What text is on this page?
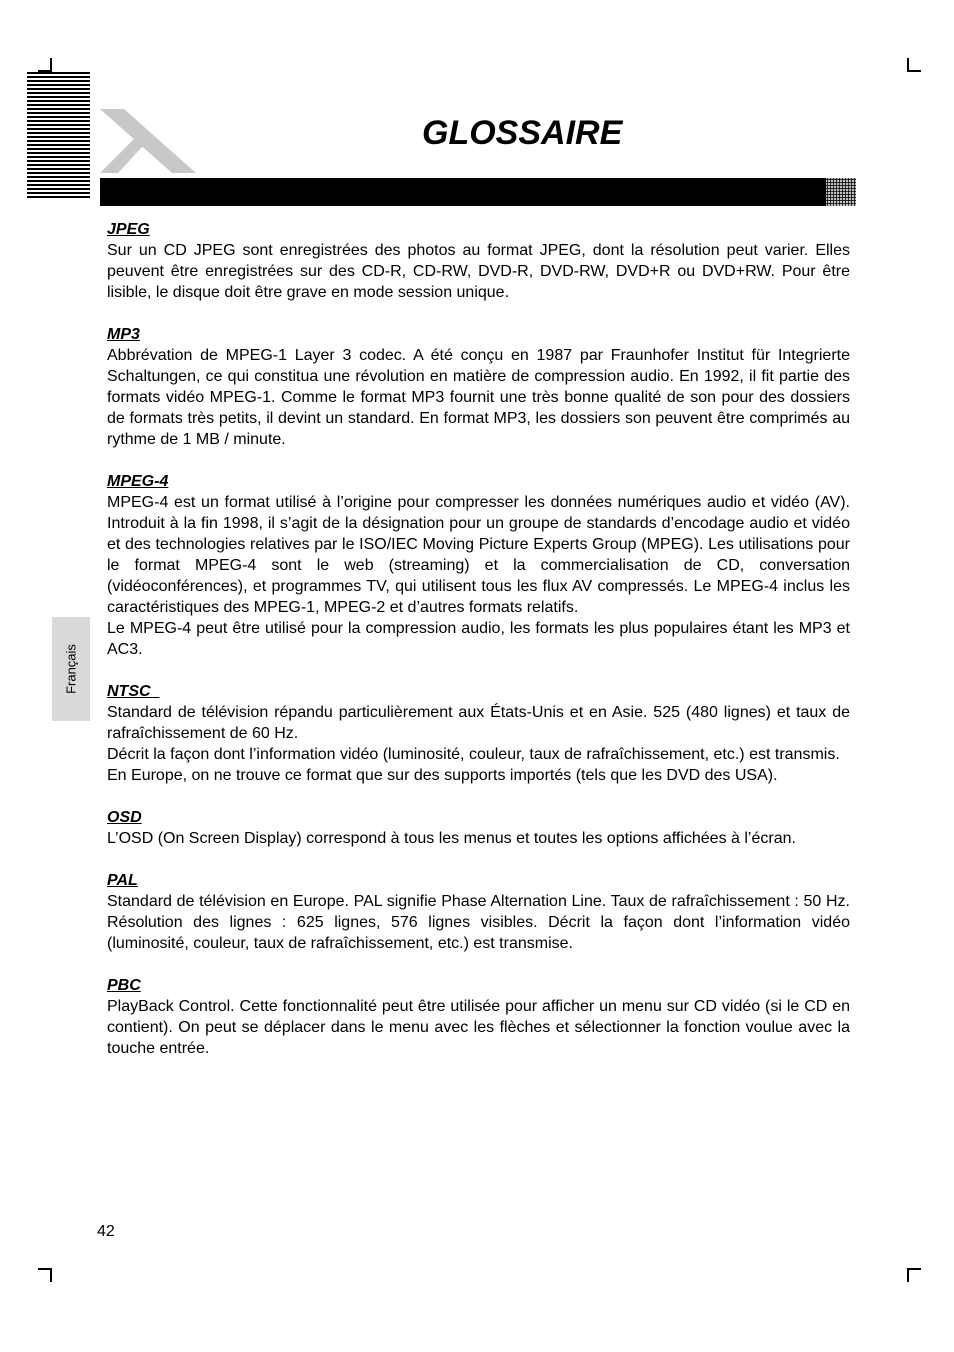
GLOSSAIRE
Français
JPEG

Sur un CD JPEG sont enregistrées des photos au format JPEG, dont la résolution peut varier. Elles peuvent être enregistrées sur des CD-R, CD-RW, DVD-R, DVD-RW, DVD+R ou DVD+RW. Pour être lisible, le disque doit être grave en mode session unique.

MP3

Abbrévation de MPEG-1 Layer 3 codec. A été conçu en 1987 par Fraunhofer Institut für Integrierte Schaltungen, ce qui constitua une révolution en matière de compression audio. En 1992, il fit partie des formats vidéo MPEG-1. Comme le format MP3 fournit une très bonne qualité de son pour des dossiers de formats très petits, il devint un standard. En format MP3, les dossiers son peuvent être comprimés au rythme de 1 MB / minute.

MPEG-4

MPEG-4 est un format utilisé à l’origine pour compresser les données numériques audio et vidéo (AV). Introduit à la fin 1998, il s’agit de la désignation pour un groupe de standards d’encodage audio et vidéo et des technologies relatives par le ISO/IEC Moving Picture Experts Group (MPEG). Les utilisations pour le format MPEG-4 sont le web (streaming) et la commercialisation de CD, conversation (vidéoconférences), et programmes TV, qui utilisent tous les flux AV compressés. Le MPEG-4 inclus les caractéristiques des MPEG-1, MPEG-2 et d’autres formats relatifs.

Le MPEG-4 peut être utilisé pour la compression audio, les formats les plus populaires étant les MP3 et AC3.

NTSC

Standard de télévision répandu particulièrement aux États-Unis et en Asie. 525 (480 lignes) et taux de rafraîchissement de 60 Hz.

Décrit la façon dont l’information vidéo (luminosité, couleur, taux de rafraîchissement, etc.) est transmis.

En Europe, on ne trouve ce format que sur des supports importés (tels que les DVD des USA).

OSD

L’OSD (On Screen Display) correspond à tous les menus et toutes les options affichées à l’écran.

PAL

Standard de télévision en Europe. PAL signifie Phase Alternation Line. Taux de rafraîchissement : 50 Hz. Résolution des lignes : 625 lignes, 576 lignes visibles. Décrit la façon dont l’information vidéo (luminosité, couleur, taux de rafraîchissement, etc.) est transmise.

PBC

PlayBack Control. Cette fonctionnalité peut être utilisée pour afficher un menu sur CD vidéo (si le CD en contient). On peut se déplacer dans le menu avec les flèches et sélectionner la fonction voulue avec la touche entrée.

42
